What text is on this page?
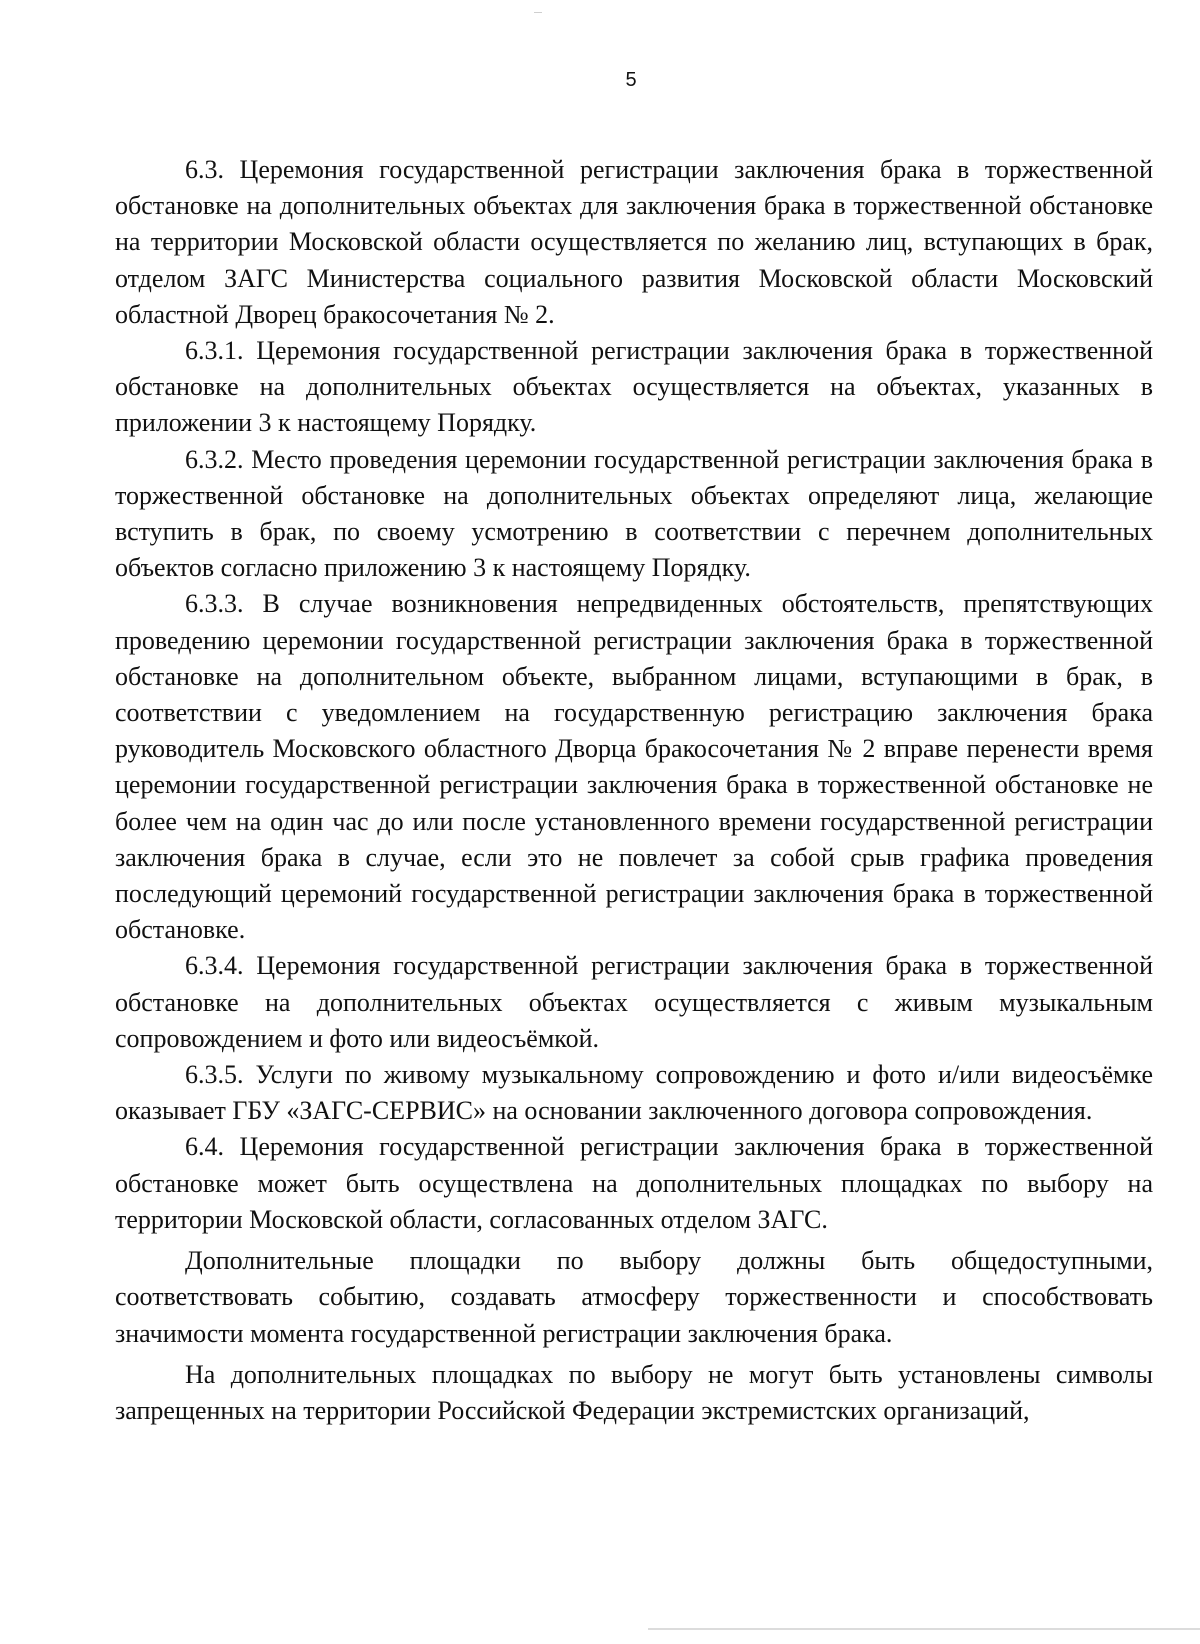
5

6.3. Церемония государственной регистрации заключения брака в торжественной обстановке на дополнительных объектах для заключения брака в торжественной обстановке на территории Московской области осуществляется по желанию лиц, вступающих в брак, отделом ЗАГС Министерства социального развития Московской области Московский областной Дворец бракосочетания № 2.

6.3.1. Церемония государственной регистрации заключения брака в торжественной обстановке на дополнительных объектах осуществляется на объектах, указанных в приложении 3 к настоящему Порядку.

6.3.2. Место проведения церемонии государственной регистрации заключения брака в торжественной обстановке на дополнительных объектах определяют лица, желающие вступить в брак, по своему усмотрению в соответствии с перечнем дополнительных объектов согласно приложению 3 к настоящему Порядку.

6.3.3. В случае возникновения непредвиденных обстоятельств, препятствующих проведению церемонии государственной регистрации заключения брака в торжественной обстановке на дополнительном объекте, выбранном лицами, вступающими в брак, в соответствии с уведомлением на государственную регистрацию заключения брака руководитель Московского областного Дворца бракосочетания № 2 вправе перенести время церемонии государственной регистрации заключения брака в торжественной обстановке не более чем на один час до или после установленного времени государственной регистрации заключения брака в случае, если это не повлечет за собой срыв графика проведения последующий церемоний государственной регистрации заключения брака в торжественной обстановке.

6.3.4. Церемония государственной регистрации заключения брака в торжественной обстановке на дополнительных объектах осуществляется с живым музыкальным сопровождением и фото или видеосъёмкой.

6.3.5. Услуги по живому музыкальному сопровождению и фото и/или видеосъёмке оказывает ГБУ «ЗАГС-СЕРВИС» на основании заключенного договора сопровождения.

6.4. Церемония государственной регистрации заключения брака в торжественной обстановке может быть осуществлена на дополнительных площадках по выбору на территории Московской области, согласованных отделом ЗАГС.

Дополнительные площадки по выбору должны быть общедоступными, соответствовать событию, создавать атмосферу торжественности и способствовать значимости момента государственной регистрации заключения брака.

На дополнительных площадках по выбору не могут быть установлены символы запрещенных на территории Российской Федерации экстремистских организаций,
